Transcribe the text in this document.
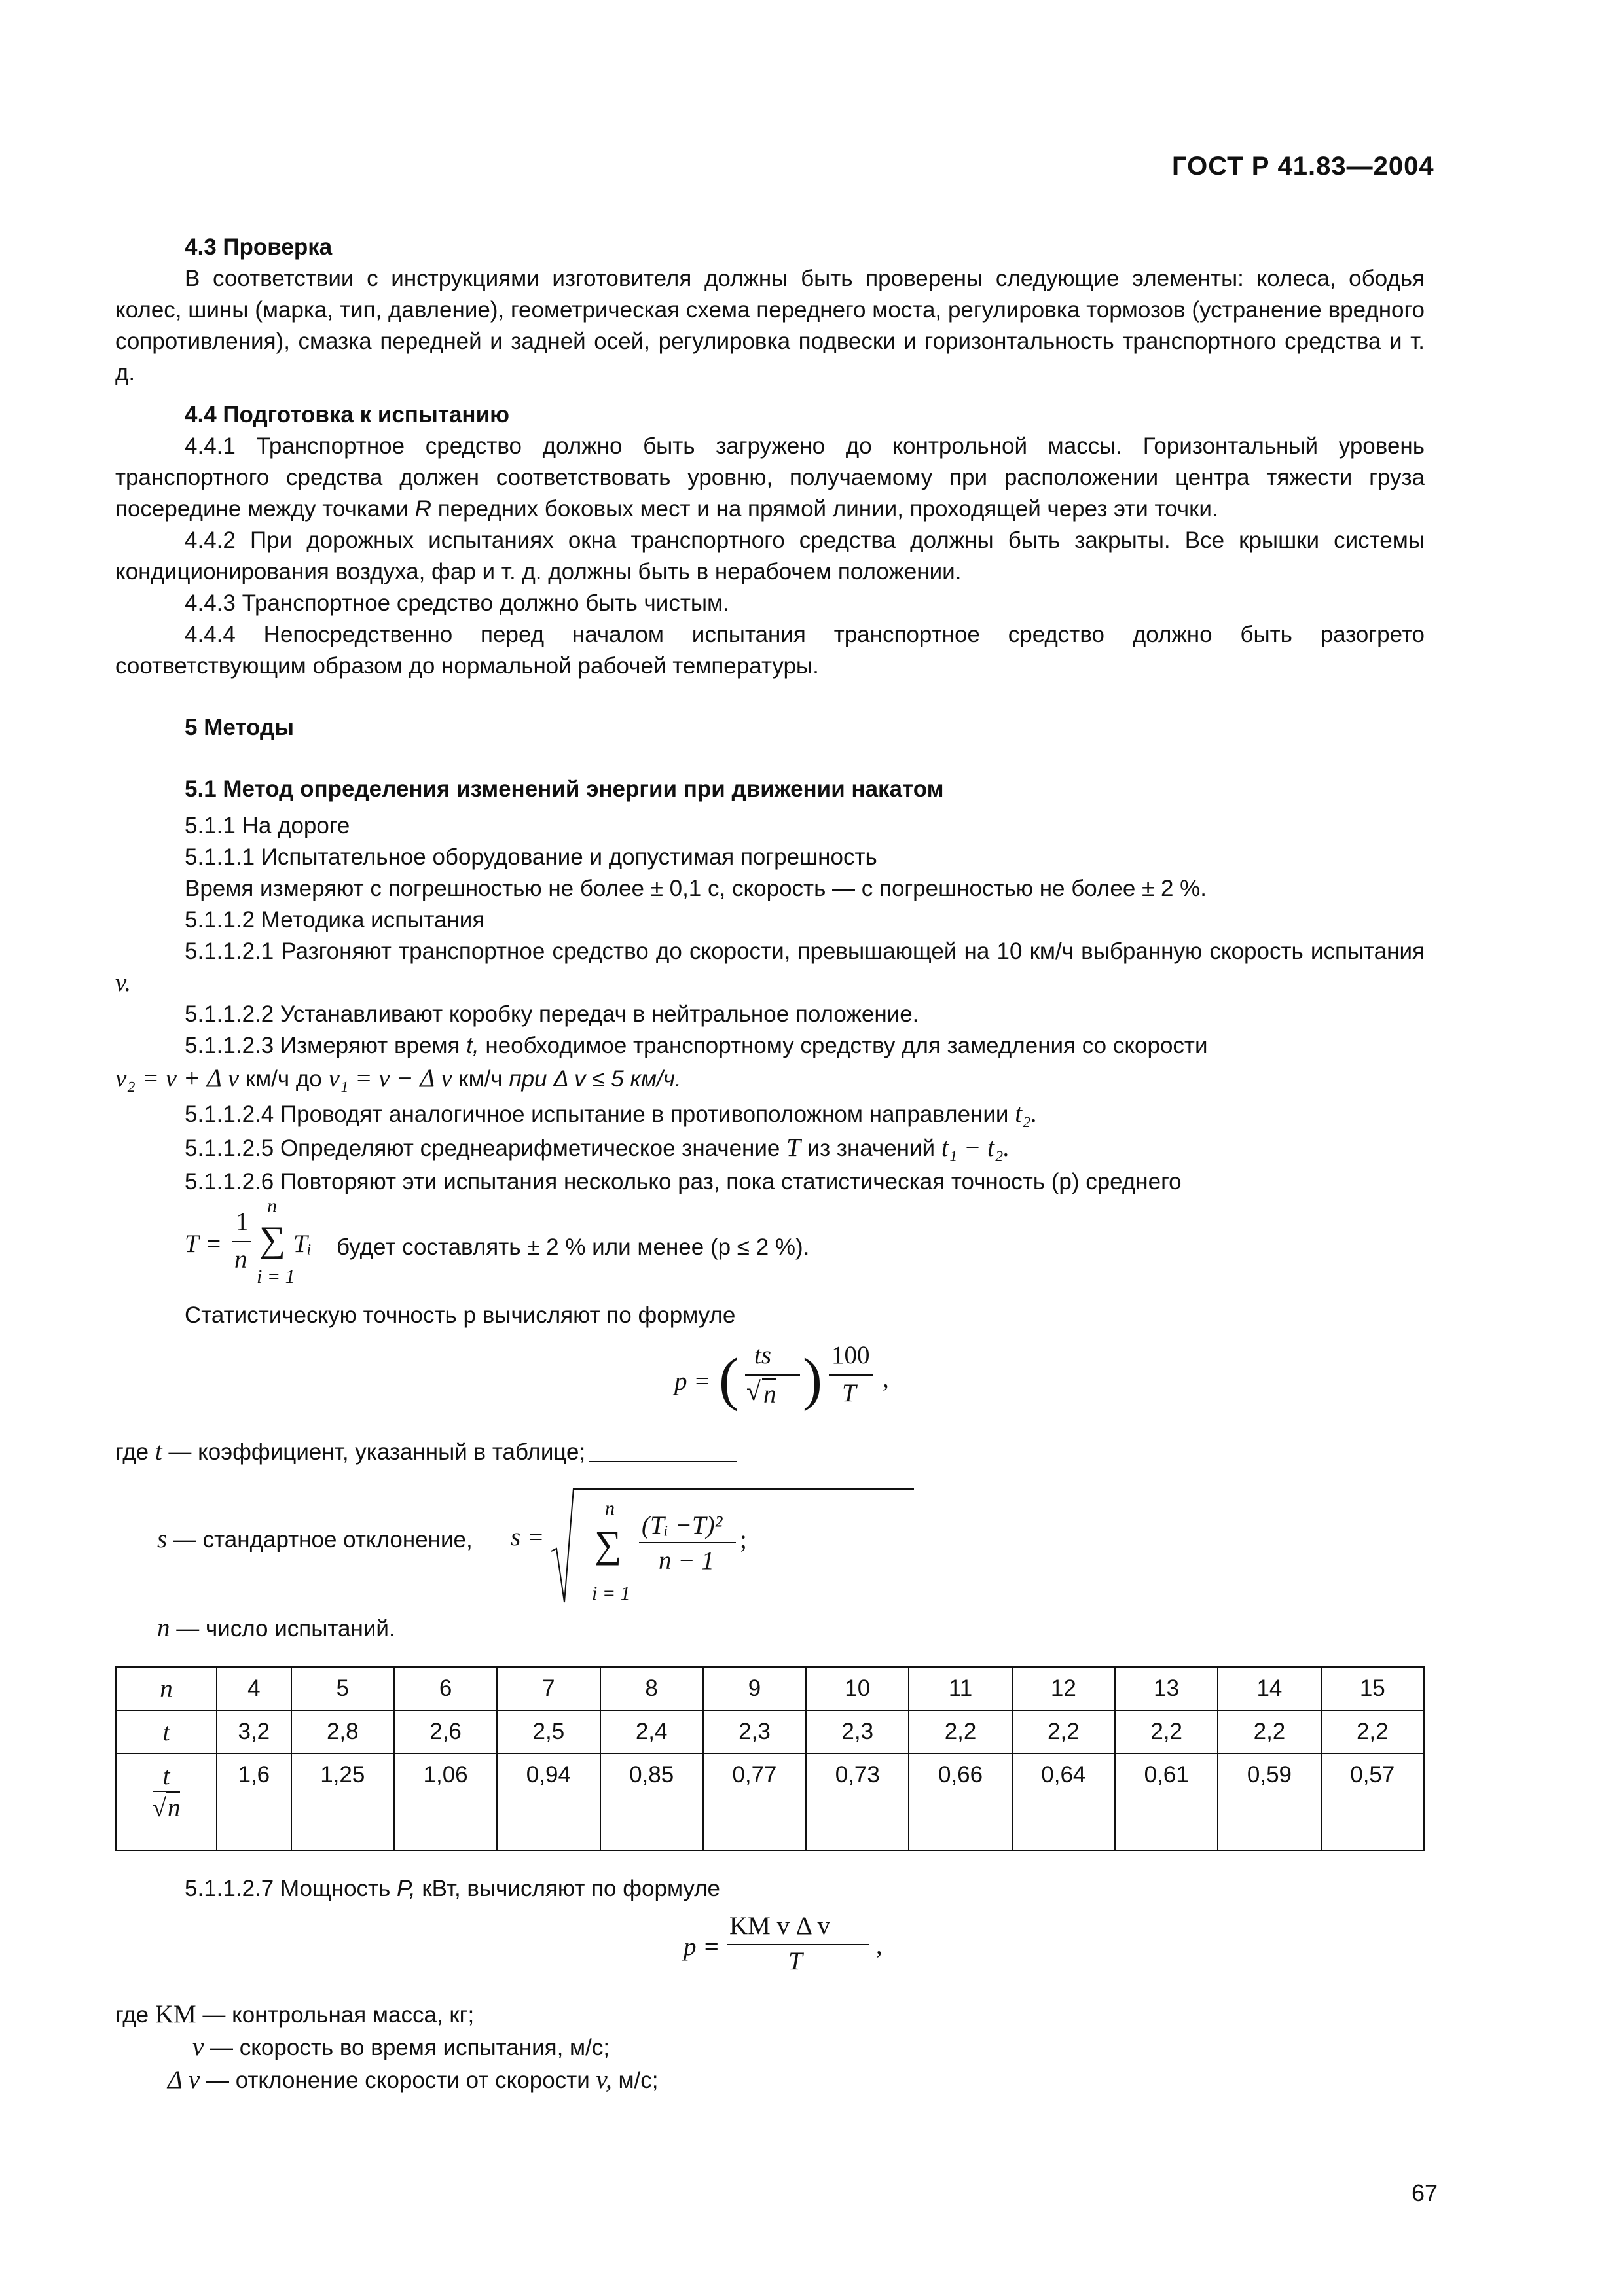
ГОСТ Р 41.83—2004
4.3 Проверка
В соответствии с инструкциями изготовителя должны быть проверены следующие элементы: колеса, ободья колес, шины (марка, тип, давление), геометрическая схема переднего моста, регулировка тормозов (устранение вредного сопротивления), смазка передней и задней осей, регулировка подвески и горизонтальность транспортного средства и т. д.
4.4 Подготовка к испытанию
4.4.1 Транспортное средство должно быть загружено до контрольной массы. Горизонтальный уровень транспортного средства должен соответствовать уровню, получаемому при расположении центра тяжести груза посередине между точками R передних боковых мест и на прямой линии, проходящей через эти точки.
4.4.2 При дорожных испытаниях окна транспортного средства должны быть закрыты. Все крышки системы кондиционирования воздуха, фар и т. д. должны быть в нерабочем положении.
4.4.3 Транспортное средство должно быть чистым.
4.4.4 Непосредственно перед началом испытания транспортное средство должно быть разогрето соответствующим образом до нормальной рабочей температуры.
5 Методы
5.1 Метод определения изменений энергии при движении накатом
5.1.1 На дороге
5.1.1.1 Испытательное оборудование и допустимая погрешность
Время измеряют с погрешностью не более ± 0,1 с, скорость — с погрешностью не более ± 2 %.
5.1.1.2 Методика испытания
5.1.1.2.1 Разгоняют транспортное средство до скорости, превышающей на 10 км/ч выбранную скорость испытания v.
5.1.1.2.2 Устанавливают коробку передач в нейтральное положение.
5.1.1.2.3 Измеряют время t, необходимое транспортному средству для замедления со скорости
v₂ = v + Δ v км/ч до v₁ = v − Δ v км/ч при Δ v ≤ 5 км/ч.
5.1.1.2.4 Проводят аналогичное испытание в противоположном направлении t₂.
5.1.1.2.5 Определяют среднеарифметическое значение T из значений t₁ − t₂.
5.1.1.2.6 Повторяют эти испытания несколько раз, пока статистическая точность (р) среднего
T =
1
n
n
∑
i = 1
Tᵢ будет составлять ± 2 % или менее (p ≤ 2 %).
Статистическую точность р вычисляют по формуле
p = ( ts
√ n ) 100
T
,
где t — коэффициент, указанный в таблице;
s — стандартное отклонение, s =
n
∑
i = 1
(Tᵢ −T)²
n − 1
;
n — число испытаний.
n	4	5	6	7	8	9	10	11	12	13	14	15
t	3,2	2,8	2,6	2,5	2,4	2,3	2,3	2,2	2,2	2,2	2,2	2,2

$\frac{t}{√n}$	1,6	1,25	1,06	0,94	0,85	0,77	0,73	0,66	0,64	0,61	0,59	0,57
5.1.1.2.7 Мощность P, кВт, вычисляют по формуле
p =
KM v Δ v
T
,
где KM — контрольная масса, кг;
v — скорость во время испытания, м/с;
Δ v — отклонение скорости от скорости v, м/с;
67
